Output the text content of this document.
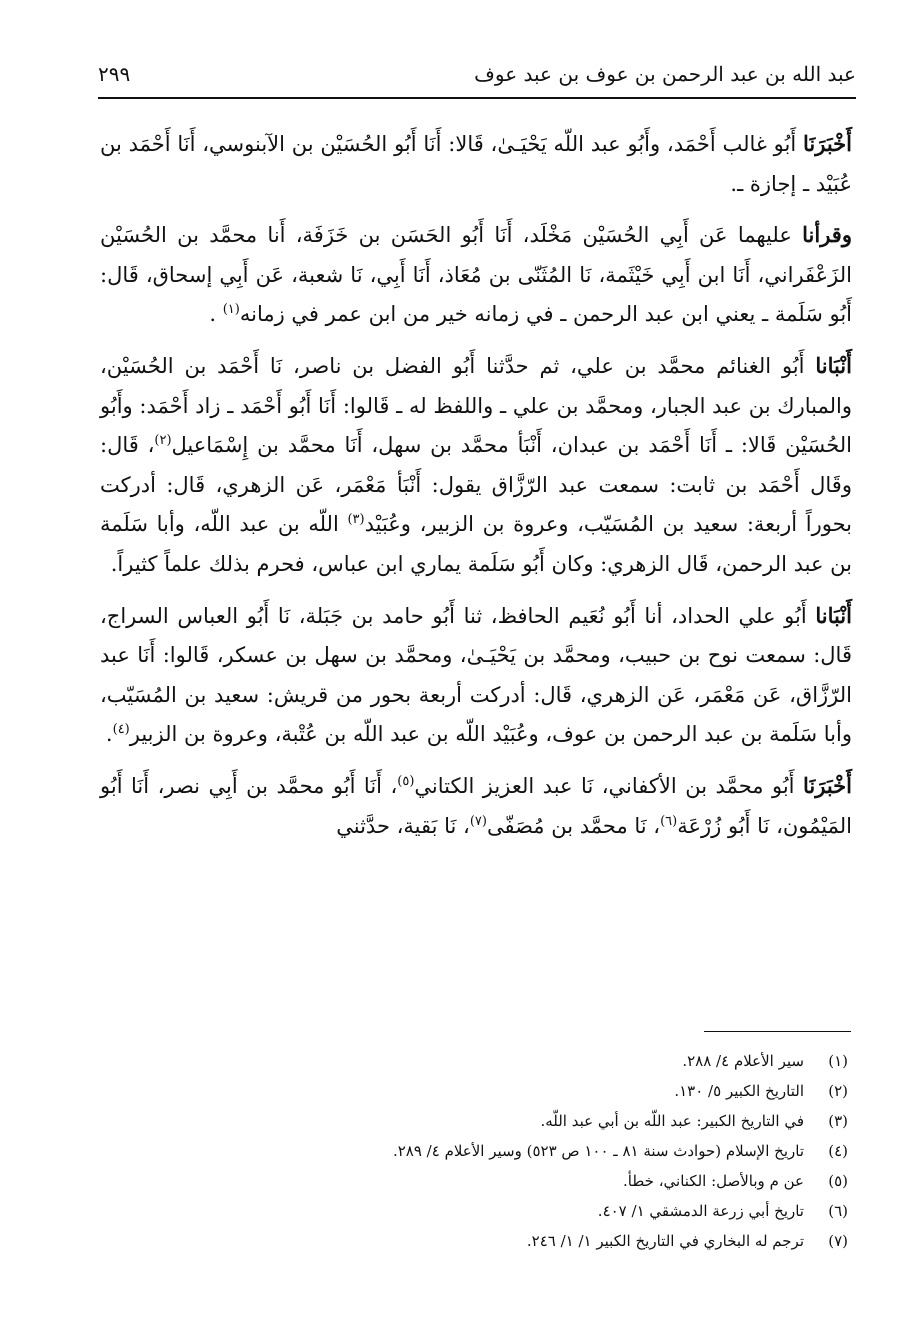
عبد الله بن عبد الرحمن بن عوف بن عبد عوف
٢٩٩

أَخْبَرَنَا أَبُو غالب أَحْمَد، وأَبُو عبد اللّه يَحْيَـىٰ، قَالا: أَنَا أَبُو الحُسَيْن بن الآبنوسي، أَنَا أَحْمَد بن عُبَيْد ـ إجازة ـ.

وقرأنا عليهما عَن أَبِي الحُسَيْن مَخْلَد، أَنَا أَبُو الحَسَن بن خَزَفَة، أَنا محمَّد بن الحُسَيْن الزَعْفَراني، أَنَا ابن أَبِي خَيْثَمة، نَا المُثَنّى بن مُعَاذ، أَنَا أَبِي، نَا شعبة، عَن أَبِي إسحاق، قَال: أَبُو سَلَمة ـ يعني ابن عبد الرحمن ـ في زمانه خير من ابن عمر في زمانه$^{(١)}$ .

أَنْبَانا أَبُو الغنائم محمَّد بن علي، ثم حدَّثنا أَبُو الفضل بن ناصر، نَا أَحْمَد بن الحُسَيْن، والمبارك بن عبد الجبار، ومحمَّد بن علي ـ واللفظ له ـ قَالوا: أَنَا أَبُو أَحْمَد ـ زاد أَحْمَد: وأَبُو الحُسَيْن قَالا: ـ أَنَا أَحْمَد بن عبدان، أَنْبَأ محمَّد بن سهل، أَنَا محمَّد بن إِسْمَاعيل$^{(٢)}$، قَال: وقَال أَحْمَد بن ثابت: سمعت عبد الرّزَّاق يقول: أَنْبَأ مَعْمَر، عَن الزهري، قَال: أدركت بحوراً أربعة: سعيد بن المُسَيّب، وعروة بن الزبير، وعُبَيْد$^{(٣)}$ اللّه بن عبد اللّه، وأبا سَلَمة بن عبد الرحمن، قَال الزهري: وكان أَبُو سَلَمة يماري ابن عباس، فحرم بذلك علماً كثيراً.

أَنْبَانا أَبُو علي الحداد، أنا أَبُو نُعَيم الحافظ، ثنا أَبُو حامد بن جَبَلة، نَا أَبُو العباس السراج، قَال: سمعت نوح بن حبيب، ومحمَّد بن يَحْيَـىٰ، ومحمَّد بن سهل بن عسكر، قَالوا: أَنَا عبد الرّزَّاق، عَن مَعْمَر، عَن الزهري، قَال: أدركت أربعة بحور من قريش: سعيد بن المُسَيّب، وأبا سَلَمة بن عبد الرحمن بن عوف، وعُبَيْد اللّه بن عبد اللّه بن عُتْبة، وعروة بن الزبير$^{(٤)}$.

أَخْبَرَنَا أَبُو محمَّد بن الأكفاني، نَا عبد العزيز الكتاني$^{(٥)}$، أَنَا أَبُو محمَّد بن أَبِي نصر، أَنَا أَبُو المَيْمُون، نَا أَبُو زُرْعَة$^{(٦)}$، نَا محمَّد بن مُصَفّى$^{(٧)}$، نَا بَقية، حدَّثني

(١)
سير الأعلام ٤/ ٢٨٨.
(٢)
التاريخ الكبير ٥/ ١٣٠.
(٣)
في التاريخ الكبير: عبد اللّه بن أبي عبد اللّه.
(٤)
تاريخ الإسلام (حوادث سنة ٨١ ـ ١٠٠ ص ٥٢٣) وسير الأعلام ٤/ ٢٨٩.
(٥)
عن م وبالأصل: الكناني، خطأ.
(٦)
تاريخ أبي زرعة الدمشقي ١/ ٤٠٧.
(٧)
ترجم له البخاري في التاريخ الكبير ١/ ١/ ٢٤٦.
